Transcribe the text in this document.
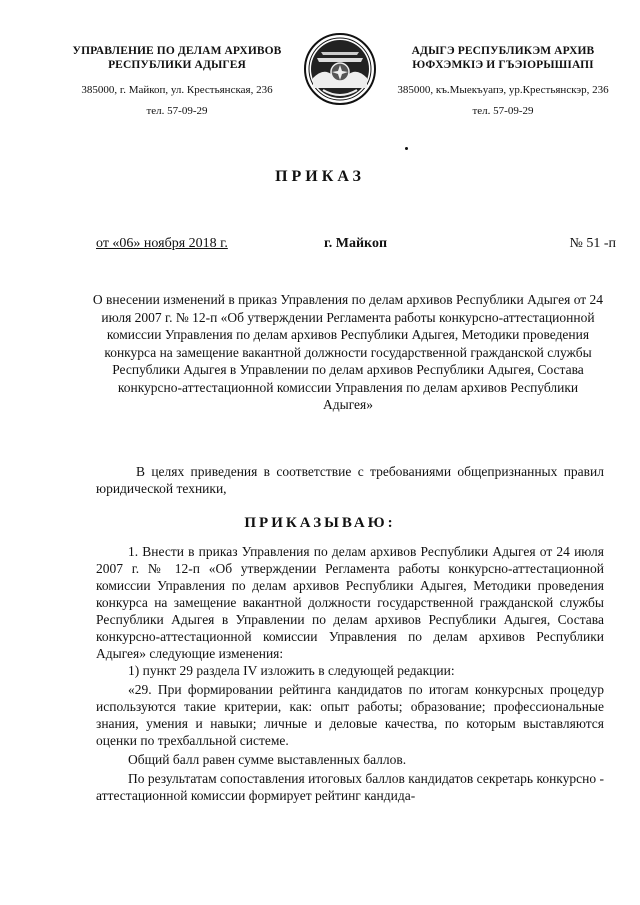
УПРАВЛЕНИЕ ПО ДЕЛАМ АРХИВОВ
РЕСПУБЛИКИ АДЫГЕЯ
385000, г. Майкоп, ул. Крестьянская, 236
тел. 57-09-29
АДЫГЭ РЕСПУБЛИКЭМ АРХИВ
ЮФХЭМКIЭ И ГЪЭIОРЫШIАПI
385000, къ.Мыекъуапэ, ур.Крестьянскэр, 236
тел. 57-09-29
ПРИКАЗ
от «06» ноября 2018 г.	г. Майкоп	№ 51 -п
О внесении изменений в приказ Управления по делам архивов Республики Адыгея от 24 июля 2007 г. № 12-п «Об утверждении Регламента работы конкурсно-аттестационной комиссии Управления по делам архивов Республики Адыгея, Методики проведения конкурса на замещение вакантной должности государственной гражданской службы Республики Адыгея в Управлении по делам архивов Республики Адыгея, Состава конкурсно-аттестационной комиссии Управления по делам архивов Республики Адыгея»
В целях приведения в соответствие с требованиями общепризнанных правил юридической техники,
ПРИКАЗЫВАЮ:

1. Внести в приказ Управления по делам архивов Республики Адыгея от 24 июля 2007 г. № 12-п «Об утверждении Регламента работы конкурсно-аттестационной комиссии Управления по делам архивов Республики Адыгея, Методики проведения конкурса на замещение вакантной должности государственной гражданской службы Республики Адыгея в Управлении по делам архивов Республики Адыгея, Состава конкурсно-аттестационной комиссии Управления по делам архивов Республики Адыгея» следующие изменения:

1) пункт 29 раздела IV изложить в следующей редакции:

«29. При формировании рейтинга кандидатов по итогам конкурсных процедур используются такие критерии, как: опыт работы; образование; профессиональные знания, умения и навыки; личные и деловые качества, по которым выставляются оценки по трехбалльной системе.

Общий балл равен сумме выставленных баллов.

По результатам сопоставления итоговых баллов кандидатов секретарь конкурсно - аттестационной комиссии формирует рейтинг кандида-
